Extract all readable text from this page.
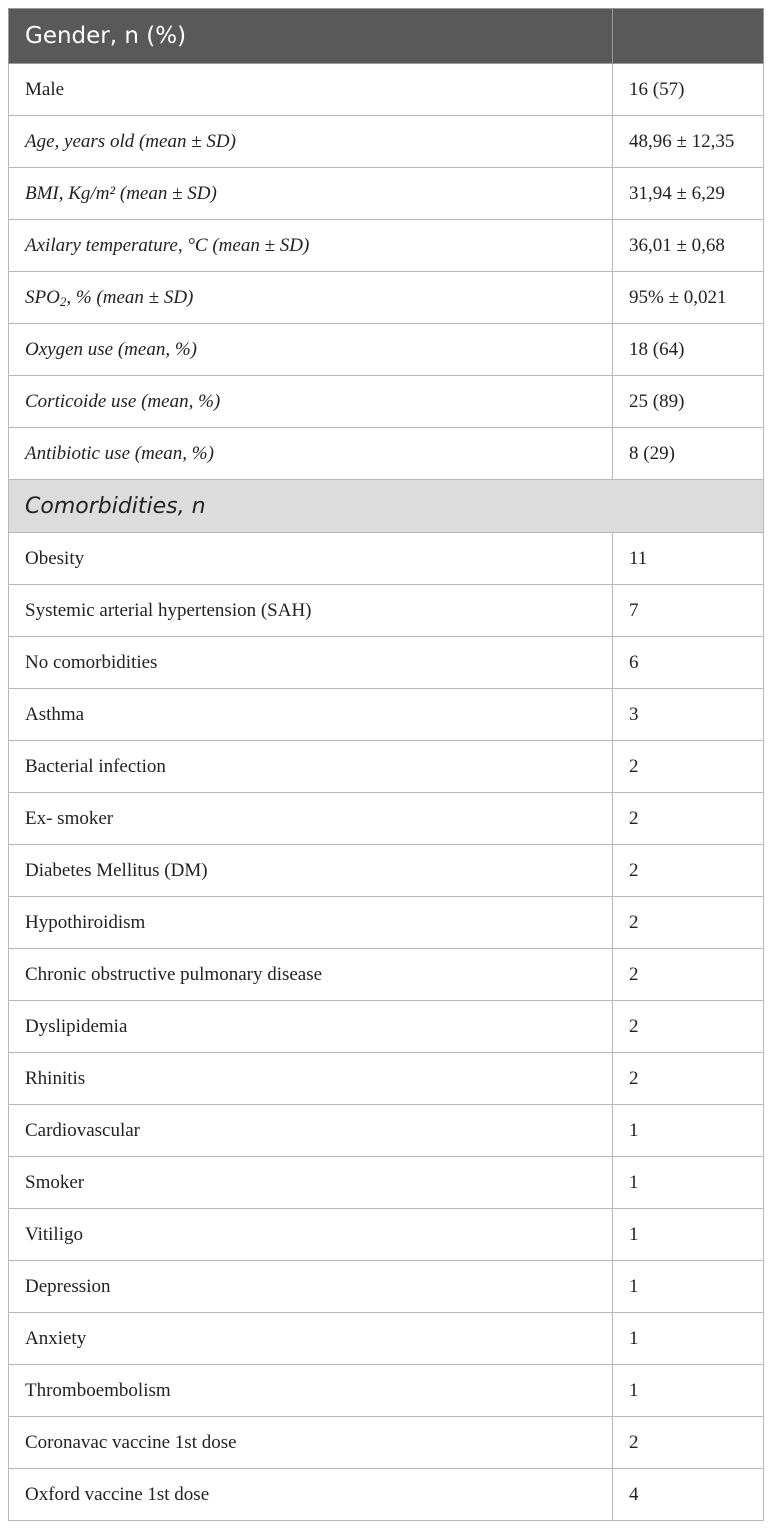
Gender, n (%)	
Male	16 (57)
Age, years old (mean ± SD)	48,96 ± 12,35
BMI, Kg/m² (mean ± SD)	31,94 ± 6,29
Axilary temperature, °C (mean ± SD)	36,01 ± 0,68
$SPO_2$, % (mean ± SD)	95% ± 0,021
Oxygen use (mean, %)	18 (64)
Corticoide use (mean, %)	25 (89)
Antibiotic use (mean, %)	8 (29)
Comorbidities, n	
Obesity	11
Systemic arterial hypertension (SAH)	7
No comorbidities	6
Asthma	3
Bacterial infection	2
Ex- smoker	2
Diabetes Mellitus (DM)	2
Hypothiroidism	2
Chronic obstructive pulmonary disease	2
Dyslipidemia	2
Rhinitis	2
Cardiovascular	1
Smoker	1
Vitiligo	1
Depression	1
Anxiety	1
Thromboembolism	1
Coronavac vaccine 1st dose	2
Oxford vaccine 1st dose	4
